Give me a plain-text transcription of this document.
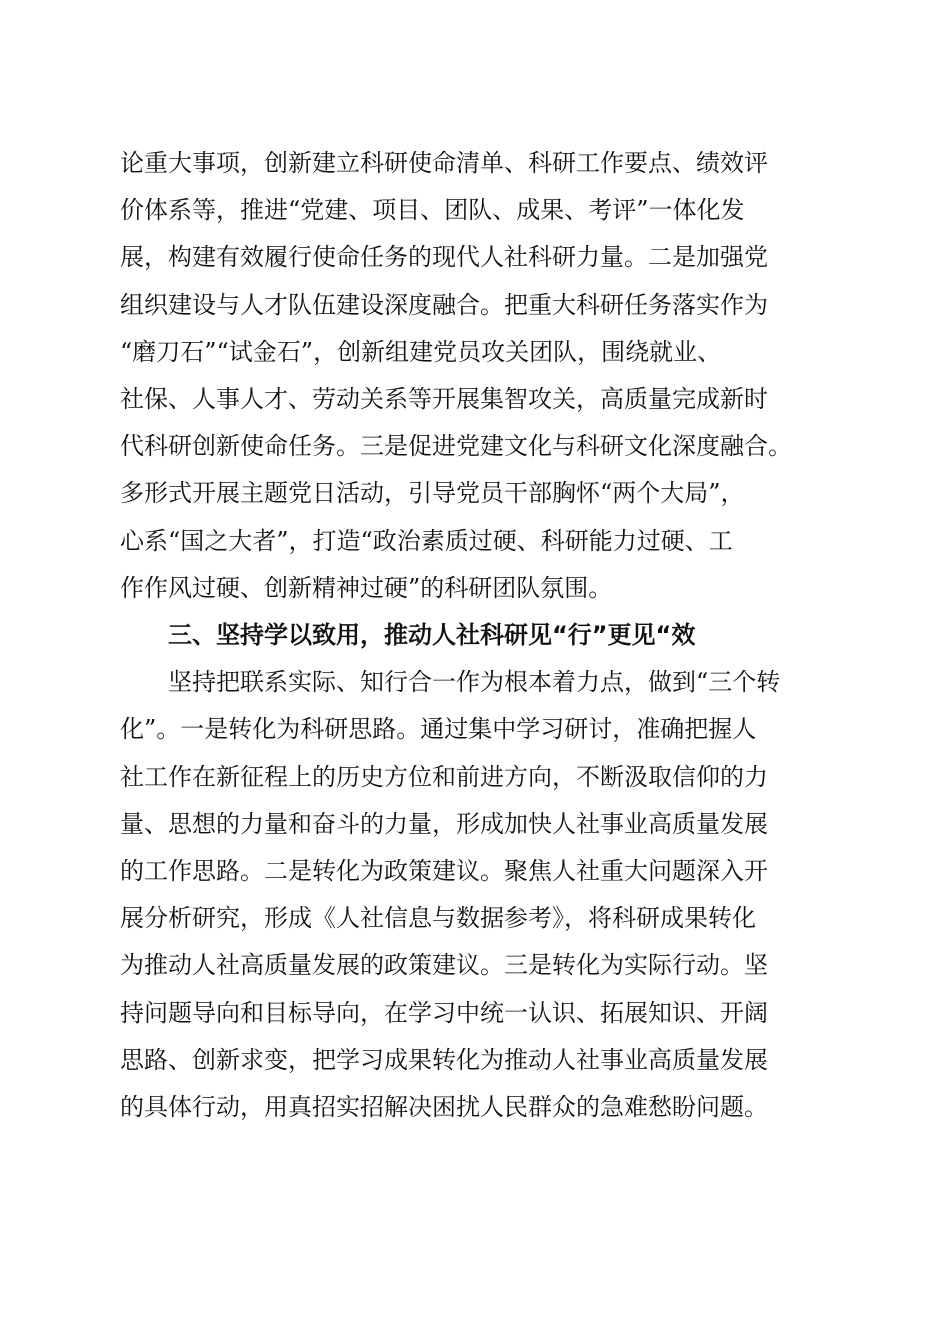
论重大事项，创新建立科研使命清单、科研工作要点、绩效评
价体系等，推进“党建、项目、团队、成果、考评”一体化发
展，构建有效履行使命任务的现代人社科研力量。二是加强党
组织建设与人才队伍建设深度融合。把重大科研任务落实作为
“磨刀石”“试金石”，创新组建党员攻关团队，围绕就业、
社保、人事人才、劳动关系等开展集智攻关，高质量完成新时
代科研创新使命任务。三是促进党建文化与科研文化深度融合。
多形式开展主题党日活动，引导党员干部胸怀“两个大局”，
心系“国之大者”，打造“政治素质过硬、科研能力过硬、工
作作风过硬、创新精神过硬”的科研团队氛围。
三、坚持学以致用，推动人社科研见“行”更见“效
坚持把联系实际、知行合一作为根本着力点，做到“三个转
化”。一是转化为科研思路。通过集中学习研讨，准确把握人
社工作在新征程上的历史方位和前进方向，不断汲取信仰的力
量、思想的力量和奋斗的力量，形成加快人社事业高质量发展
的工作思路。二是转化为政策建议。聚焦人社重大问题深入开
展分析研究，形成《人社信息与数据参考》，将科研成果转化
为推动人社高质量发展的政策建议。三是转化为实际行动。坚
持问题导向和目标导向，在学习中统一认识、拓展知识、开阔
思路、创新求变，把学习成果转化为推动人社事业高质量发展
的具体行动，用真招实招解决困扰人民群众的急难愁盼问题。
